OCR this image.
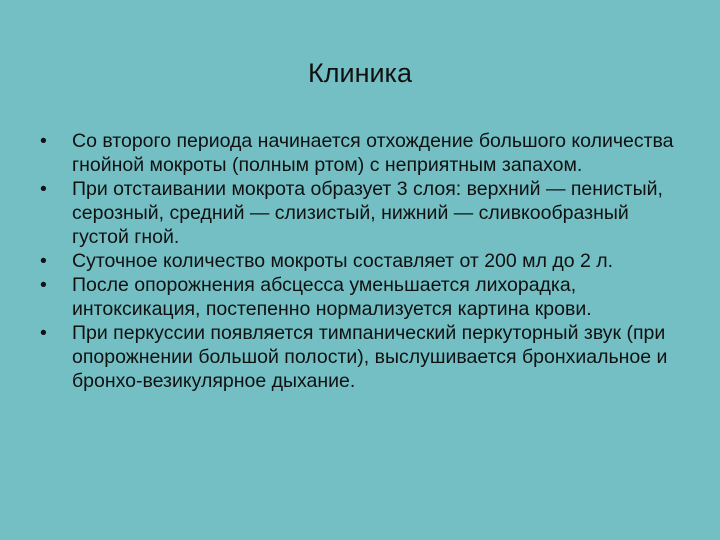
Клиника
• Со второго периода начинается отхождение большого количества гнойной мокроты (полным ртом) с неприятным запахом.
• При отстаивании мокрота образует 3 слоя: верхний — пенистый, серозный, средний — слизистый, нижний — сливкообразный густой гной.
• Суточное количество мокроты составляет от 200 мл до 2 л.
• После опорожнения абсцесса уменьшается лихорадка, интоксикация, постепенно нормализуется картина крови.
• При перкуссии появляется тимпанический перкуторный звук (при опорожнении большой полости), выслушивается бронхиальное и бронхо-везикулярное дыхание.
